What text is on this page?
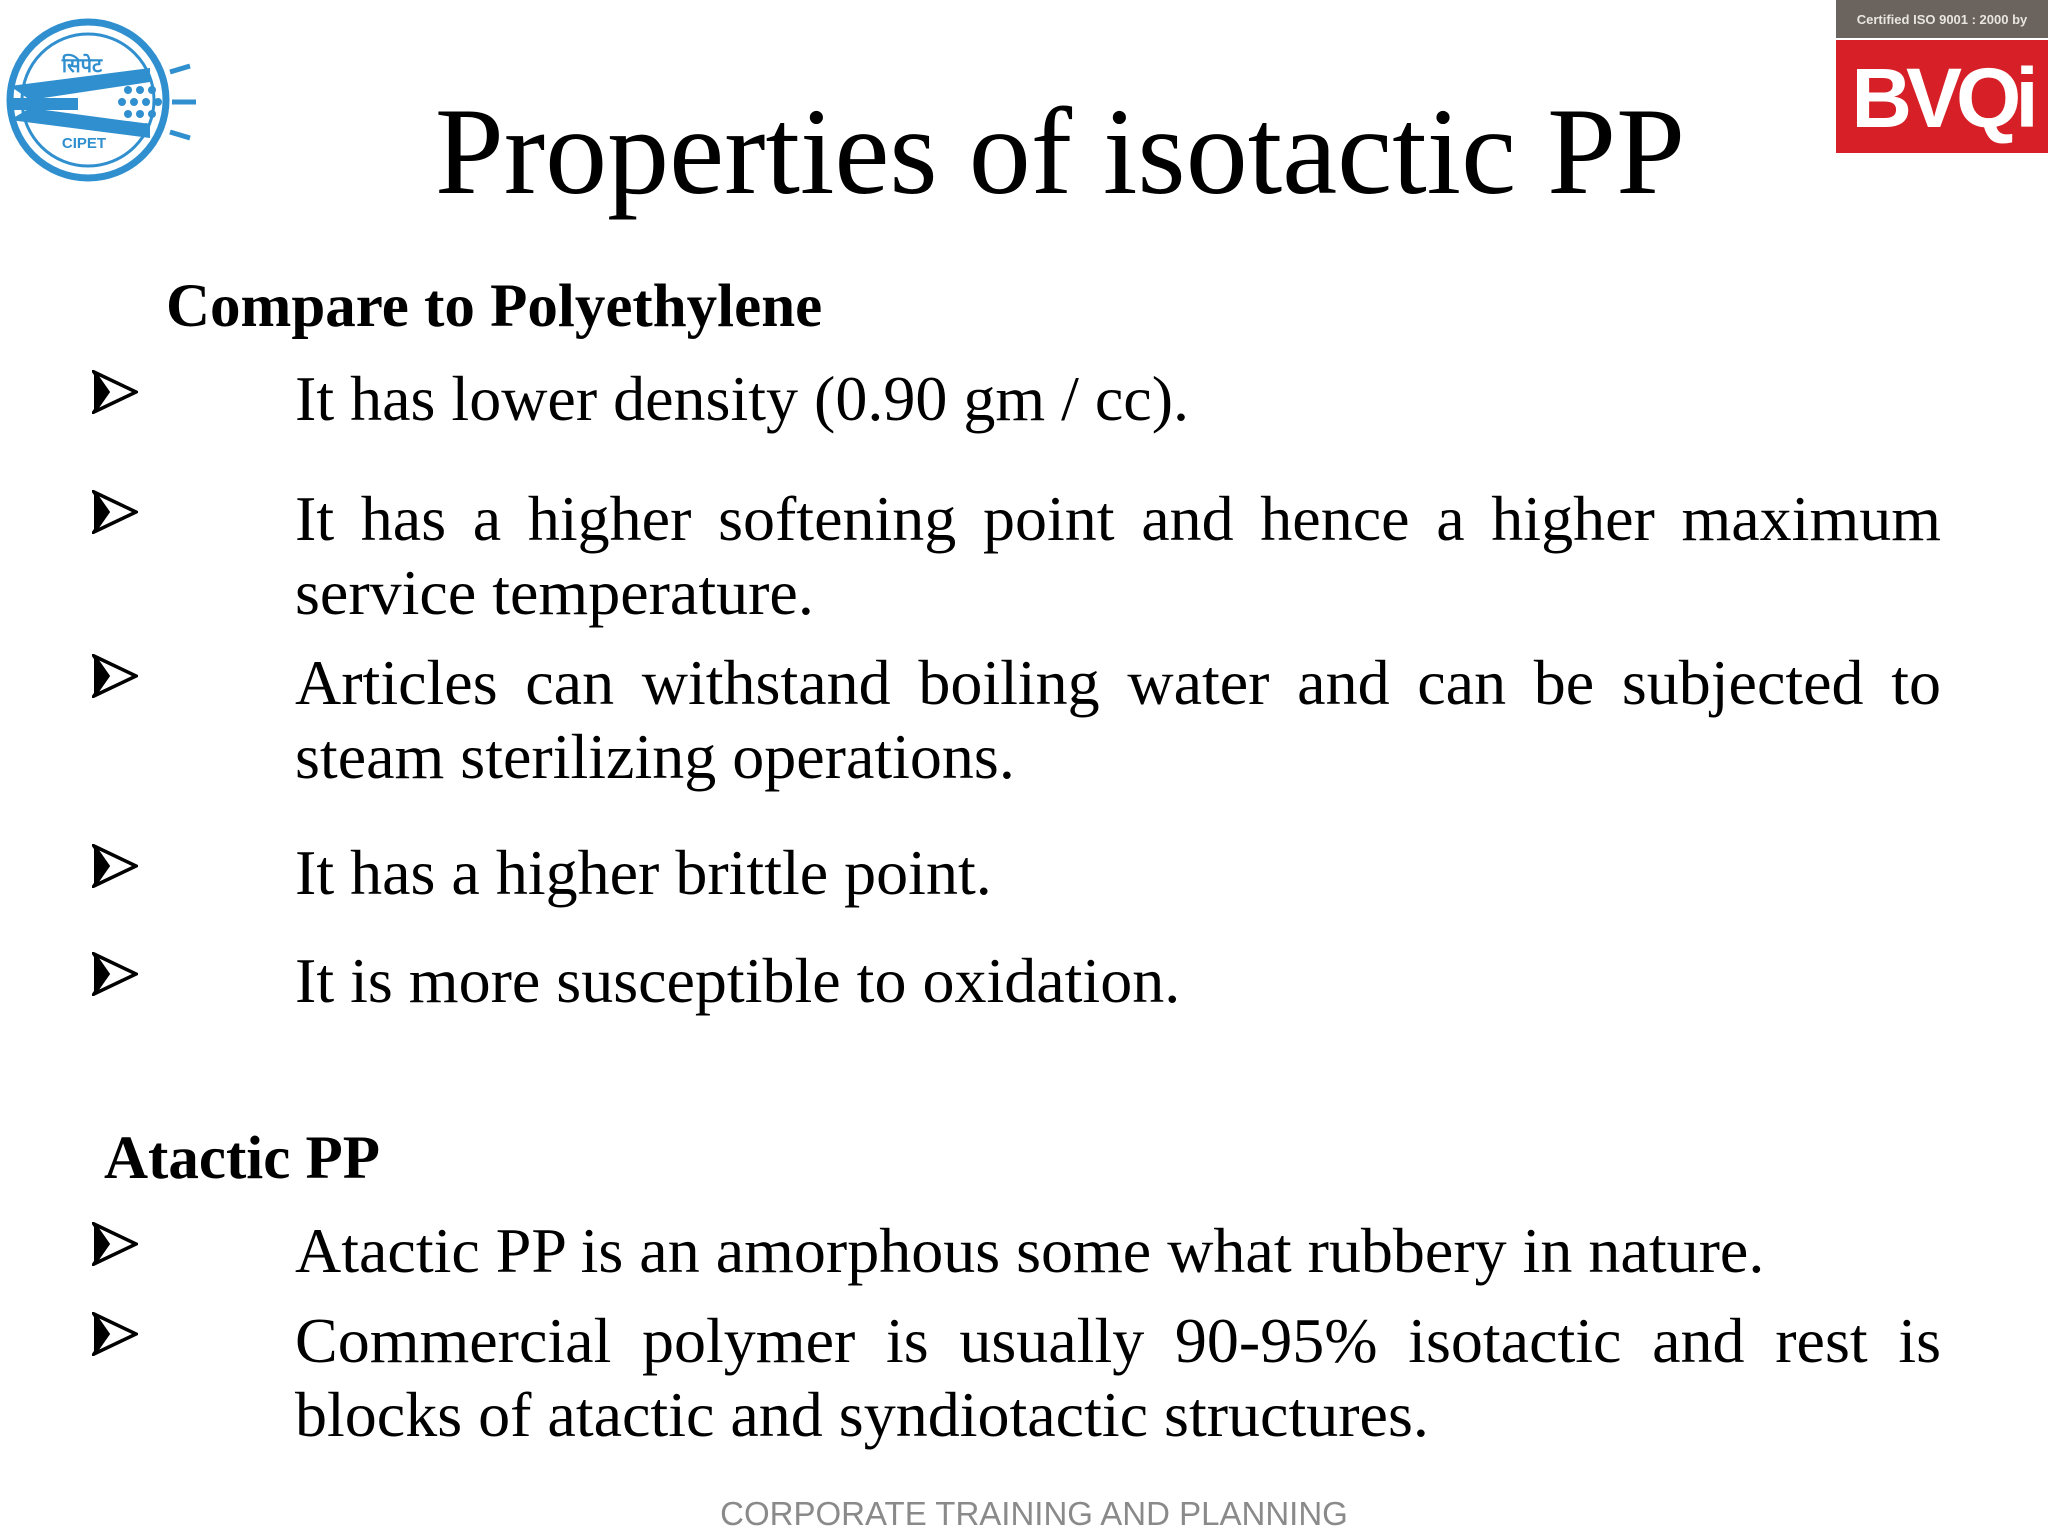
सिपेट
CIPET
Certified ISO 9001 : 2000 by
BVQi
Properties of isotactic PP
Compare to Polyethylene

It has lower density (0.90 gm / cc).

It has a higher softening point and hence a higher maximum service temperature.

Articles can withstand boiling water and can be subjected to steam sterilizing operations.

It has a higher brittle point.

It is more susceptible to oxidation.

Atactic PP

Atactic PP is an amorphous some what rubbery in nature.

Commercial polymer is usually 90-95% isotactic and rest is blocks of atactic and syndiotactic structures.

CORPORATE TRAINING AND PLANNING
